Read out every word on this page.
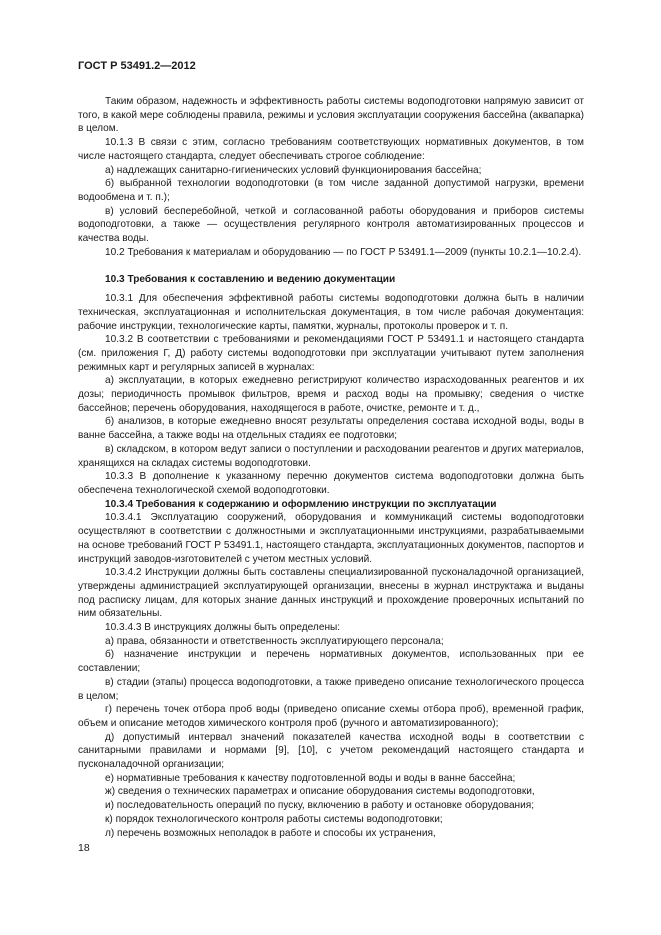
ГОСТ Р 53491.2—2012

Таким образом, надежность и эффективность работы системы водоподготовки напрямую зависит от того, в какой мере соблюдены правила, режимы и условия эксплуатации сооружения бассейна (аквапарка) в целом.

10.1.3 В связи с этим, согласно требованиям соответствующих нормативных документов, в том числе настоящего стандарта, следует обеспечивать строгое соблюдение:

а) надлежащих санитарно-гигиенических условий функционирования бассейна;

б) выбранной технологии водоподготовки (в том числе заданной допустимой нагрузки, времени водообмена и т. п.);

в) условий бесперебойной, четкой и согласованной работы оборудования и приборов системы водоподготовки, а также — осуществления регулярного контроля автоматизированных процессов и качества воды.

10.2 Требования к материалам и оборудованию — по ГОСТ Р 53491.1—2009 (пункты 10.2.1—10.2.4).

10.3 Требования к составлению и ведению документации

10.3.1 Для обеспечения эффективной работы системы водоподготовки должна быть в наличии техническая, эксплуатационная и исполнительская документация, в том числе рабочая документация: рабочие инструкции, технологические карты, памятки, журналы, протоколы проверок и т. п.

10.3.2 В соответствии с требованиями и рекомендациями ГОСТ Р 53491.1 и настоящего стандарта (см. приложения Г, Д) работу системы водоподготовки при эксплуатации учитывают путем заполнения режимных карт и регулярных записей в журналах:

а) эксплуатации, в которых ежедневно регистрируют количество израсходованных реагентов и их дозы; периодичность промывок фильтров, время и расход воды на промывку; сведения о чистке бассейнов; перечень оборудования, находящегося в работе, очистке, ремонте и т. д.,

б) анализов, в которые ежедневно вносят результаты определения состава исходной воды, воды в ванне бассейна, а также воды на отдельных стадиях ее подготовки;

в) складском, в котором ведут записи о поступлении и расходовании реагентов и других материалов, хранящихся на складах системы водоподготовки.

10.3.3 В дополнение к указанному перечню документов система водоподготовки должна быть обеспечена технологической схемой водоподготовки.

10.3.4 Требования к содержанию и оформлению инструкции по эксплуатации

10.3.4.1 Эксплуатацию сооружений, оборудования и коммуникаций системы водоподготовки осуществляют в соответствии с должностными и эксплуатационными инструкциями, разрабатываемыми на основе требований ГОСТ Р 53491.1, настоящего стандарта, эксплуатационных документов, паспортов и инструкций заводов-изготовителей с учетом местных условий.

10.3.4.2 Инструкции должны быть составлены специализированной пусконаладочной организацией, утверждены администрацией эксплуатирующей организации, внесены в журнал инструктажа и выданы под расписку лицам, для которых знание данных инструкций и прохождение проверочных испытаний по ним обязательны.

10.3.4.3 В инструкциях должны быть определены:

а) права, обязанности и ответственность эксплуатирующего персонала;

б) назначение инструкции и перечень нормативных документов, использованных при ее составлении;

в) стадии (этапы) процесса водоподготовки, а также приведено описание технологического процесса в целом;

г) перечень точек отбора проб воды (приведено описание схемы отбора проб), временной график, объем и описание методов химического контроля проб (ручного и автоматизированного);

д) допустимый интервал значений показателей качества исходной воды в соответствии с санитарными правилами и нормами [9], [10], с учетом рекомендаций настоящего стандарта и пусконаладочной организации;

е) нормативные требования к качеству подготовленной воды и воды в ванне бассейна;

ж) сведения о технических параметрах и описание оборудования системы водоподготовки,

и) последовательность операций по пуску, включению в работу и остановке оборудования;

к) порядок технологического контроля работы системы водоподготовки;

л) перечень возможных неполадок в работе и способы их устранения,

18
